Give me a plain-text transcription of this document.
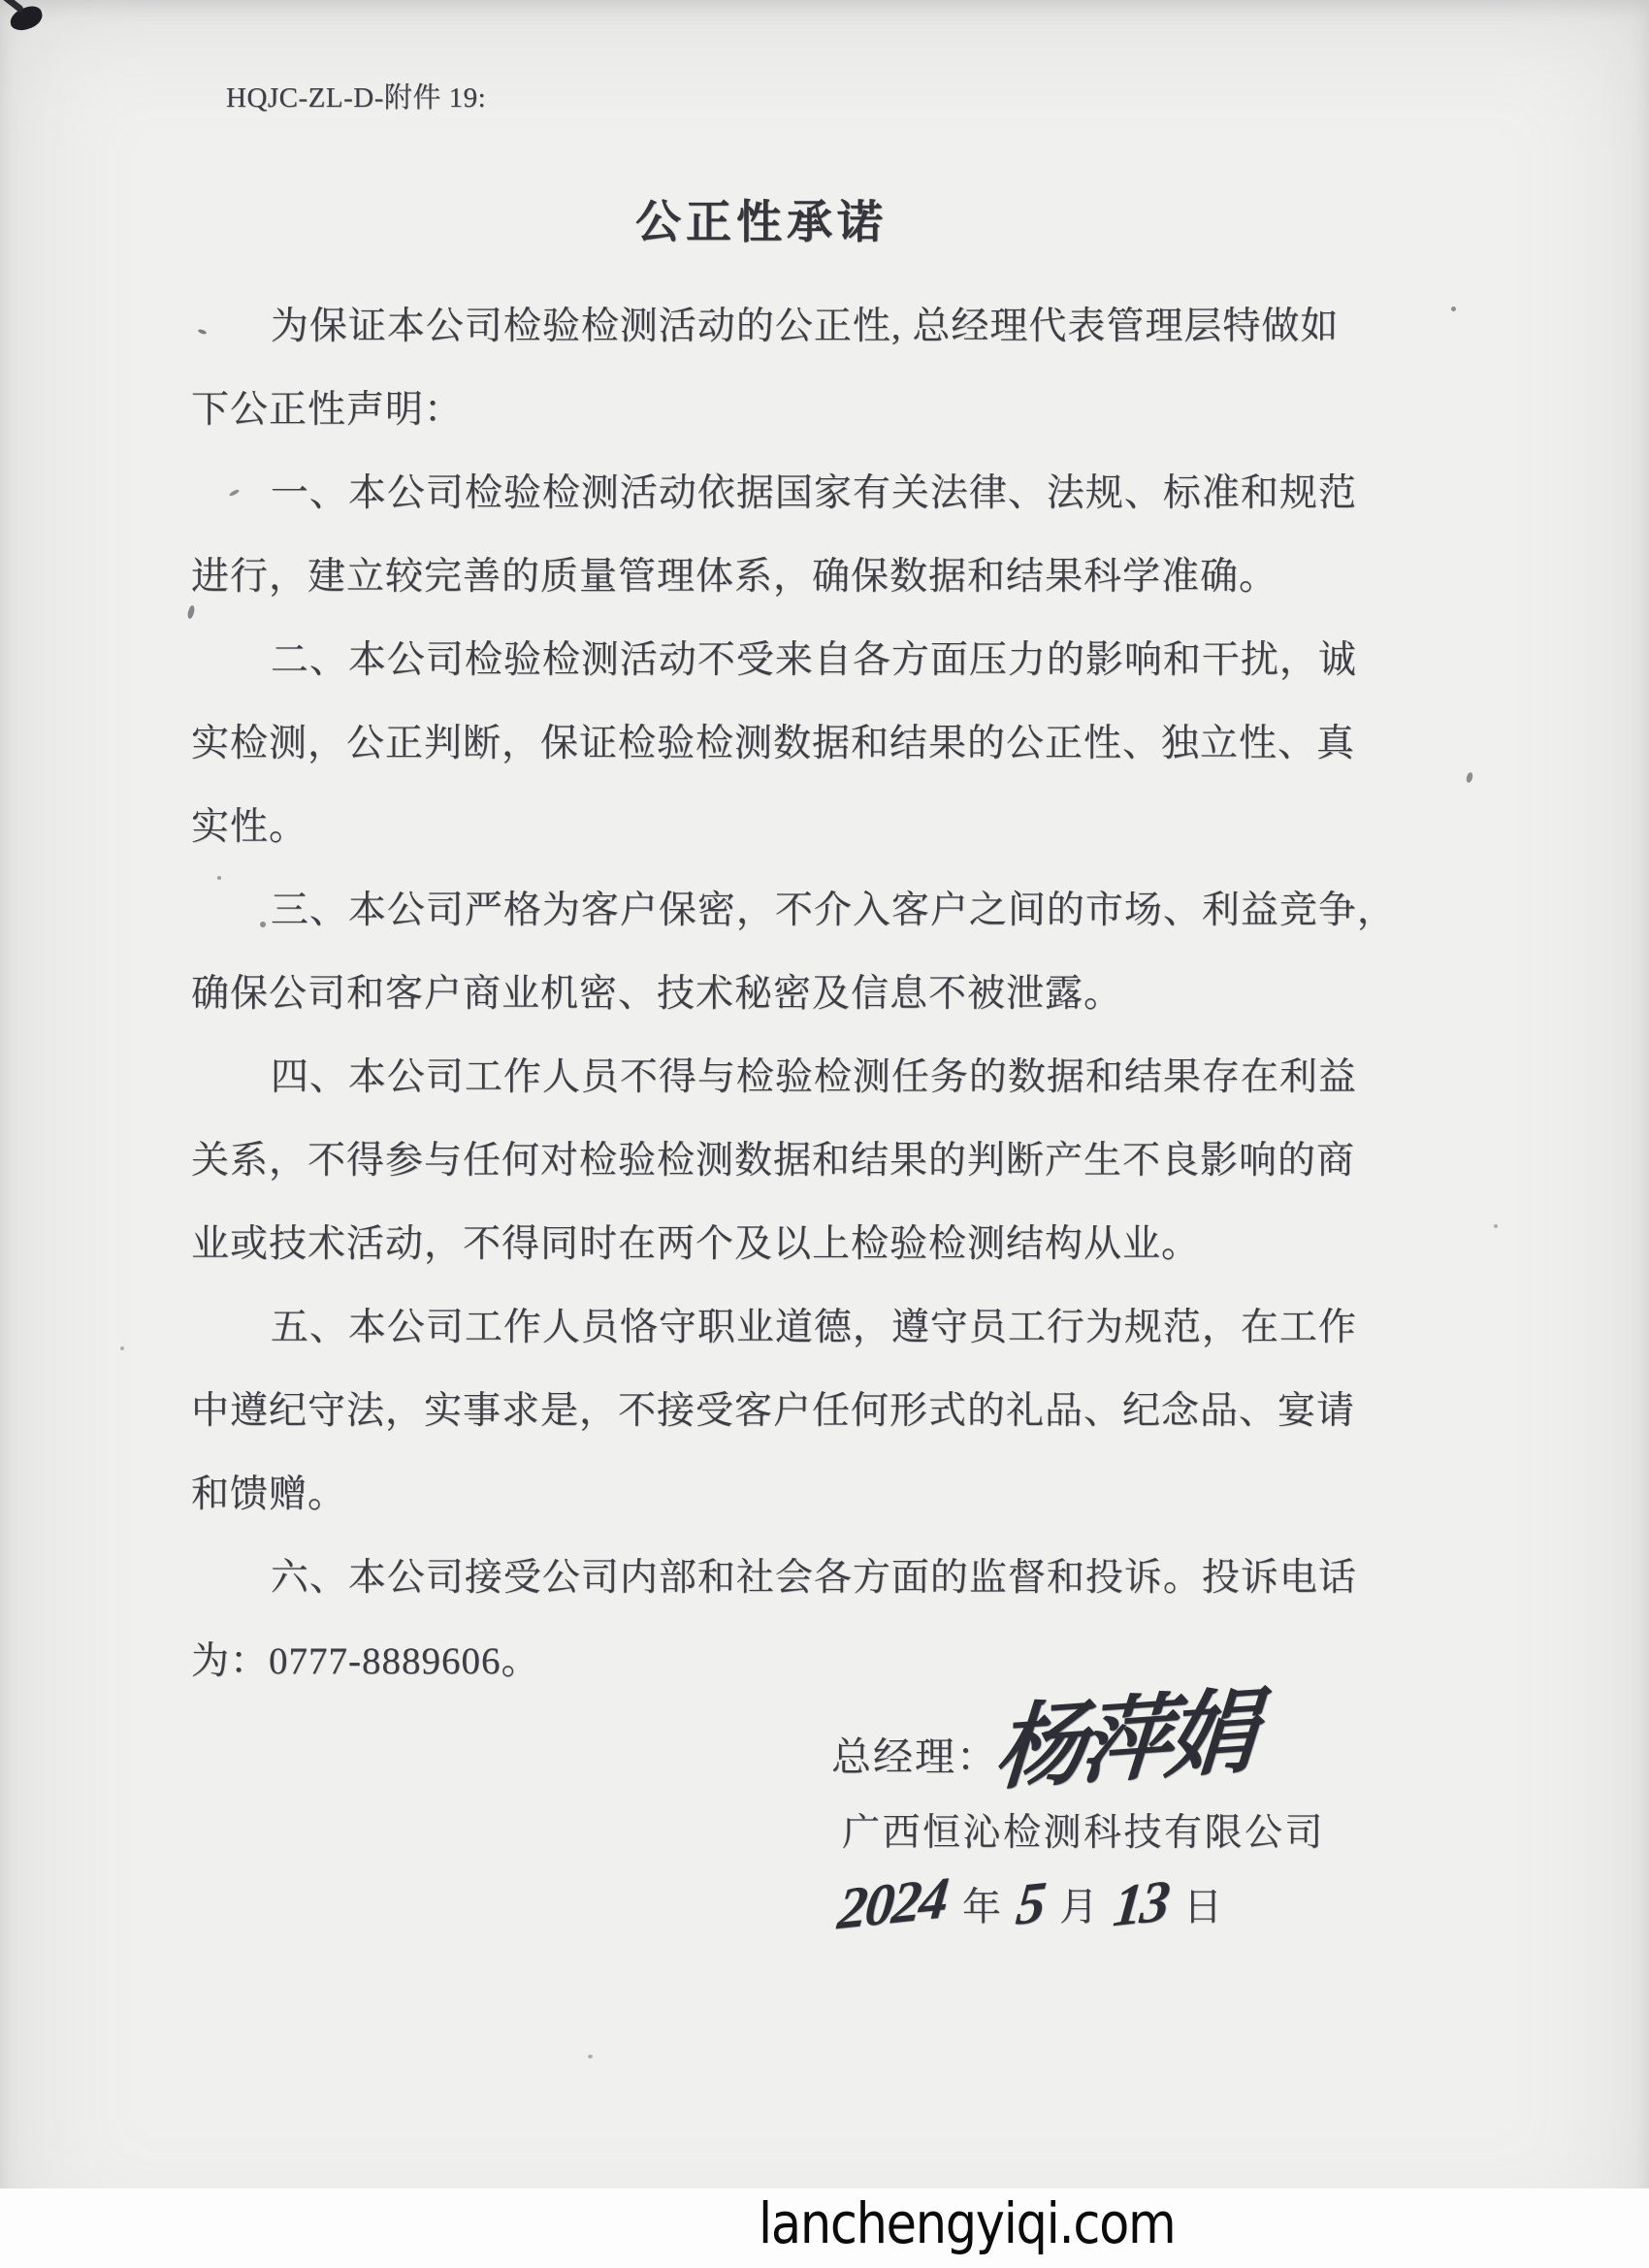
HQJC-ZL-D-附件 19:
公正性承诺
为保证本公司检验检测活动的公正性, 总经理代表管理层特做如
下公正性声明：
一、本公司检验检测活动依据国家有关法律、法规、标准和规范
进行，建立较完善的质量管理体系，确保数据和结果科学准确。
二、本公司检验检测活动不受来自各方面压力的影响和干扰，诚
实检测，公正判断，保证检验检测数据和结果的公正性、独立性、真
实性。
三、本公司严格为客户保密，不介入客户之间的市场、利益竞争，
确保公司和客户商业机密、技术秘密及信息不被泄露。
四、本公司工作人员不得与检验检测任务的数据和结果存在利益
关系，不得参与任何对检验检测数据和结果的判断产生不良影响的商
业或技术活动，不得同时在两个及以上检验检测结构从业。
五、本公司工作人员恪守职业道德，遵守员工行为规范，在工作
中遵纪守法，实事求是，不接受客户任何形式的礼品、纪念品、宴请
和馈赠。
六、本公司接受公司内部和社会各方面的监督和投诉。投诉电话
为：0777-8889606。
总经理：
杨萍娟
广西恒沁检测科技有限公司
2024 年 5 月 13 日
lanchengyiqi.com
